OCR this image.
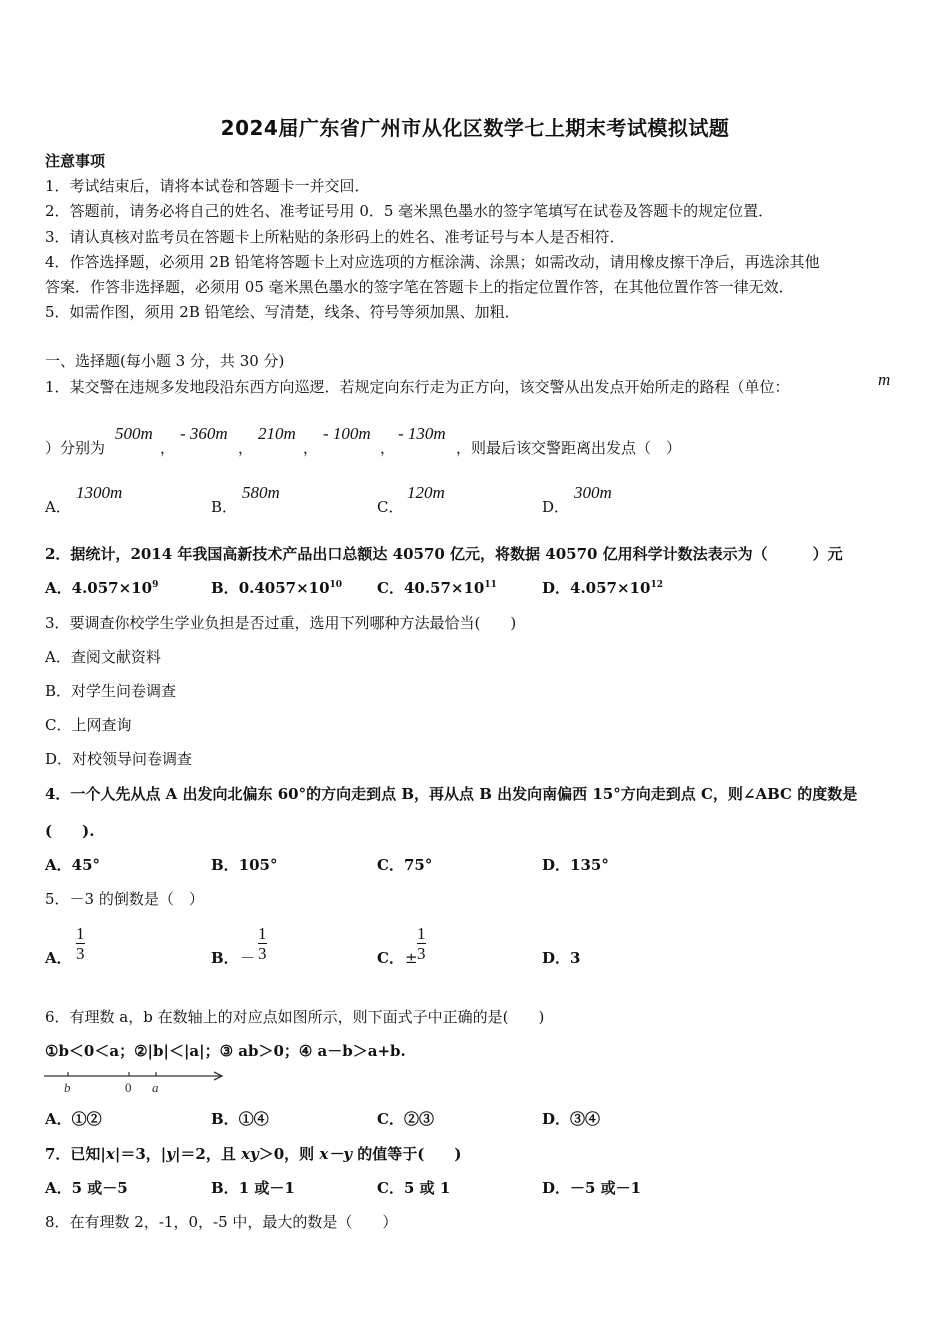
2024届广东省广州市从化区数学七上期末考试模拟试题
注意事项
1．考试结束后，请将本试卷和答题卡一并交回．
2．答题前，请务必将自己的姓名、准考证号用 0．5 毫米黑色墨水的签字笔填写在试卷及答题卡的规定位置．
3．请认真核对监考员在答题卡上所粘贴的条形码上的姓名、准考证号与本人是否相符．
4．作答选择题，必须用 2B 铅笔将答题卡上对应选项的方框涂满、涂黑；如需改动，请用橡皮擦干净后，再选涂其他
答案．作答非选择题，必须用 05 毫米黑色墨水的签字笔在答题卡上的指定位置作答，在其他位置作答一律无效．
5．如需作图，须用 2B 铅笔绘、写清楚，线条、符号等须加黑、加粗．
一、选择题(每小题 3 分，共 30 分)
1．某交警在违规多发地段沿东西方向巡逻．若规定向东行走为正方向，该交警从出发点开始所走的路程（单位：	m
）分别为
500m
，
- 360m
，
210m
，
- 100m
，
- 130m
，则最后该交警距离出发点（　）
A．
1300m
B．
580m
C．
120m
D．
300m
2．据统计，2014 年我国高新技术产品出口总额达 40570 亿元，将数据 40570 亿用科学计数法表示为（　　　）元
A．$4.057\times 10^9$	B．$0.4057\times 10^{10}$ C．$40.57\times 10^{11}$	D．$4.057\times 10^{12}$
3．要调查你校学生学业负担是否过重，选用下列哪种方法最恰当(　　)
A．查阅文献资料
B．对学生问卷调查
C．上网查询
D．对校领导问卷调查
4．一个人先从点 A 出发向北偏东 60°的方向走到点 B，再从点 B 出发向南偏西 15°方向走到点 C，则∠ABC 的度数是
(　　).
A．45°	B．105°	C．75°	D．135°
5．－3 的倒数是（　）
A． $\frac{1}{3}$	B． － $\frac{1}{3}$	C． ± $\frac{1}{3}$	D．3
6．有理数 a，b 在数轴上的对应点如图所示，则下面式子中正确的是(　　)
①b＜0＜a；②|b|＜|a|；③ ab＞0；④ a－b＞a+b.
b	0 a
A．①②	B．①④	C．②③	D．③④
7．已知|x|＝3，|y|＝2，且 xy＞0，则 x－y 的值等于(　　)
A．5 或－5	B．1 或－1	C．5 或 1	D．－5 或－1
8．在有理数 2，-1，0，-5 中，最大的数是（　　）
